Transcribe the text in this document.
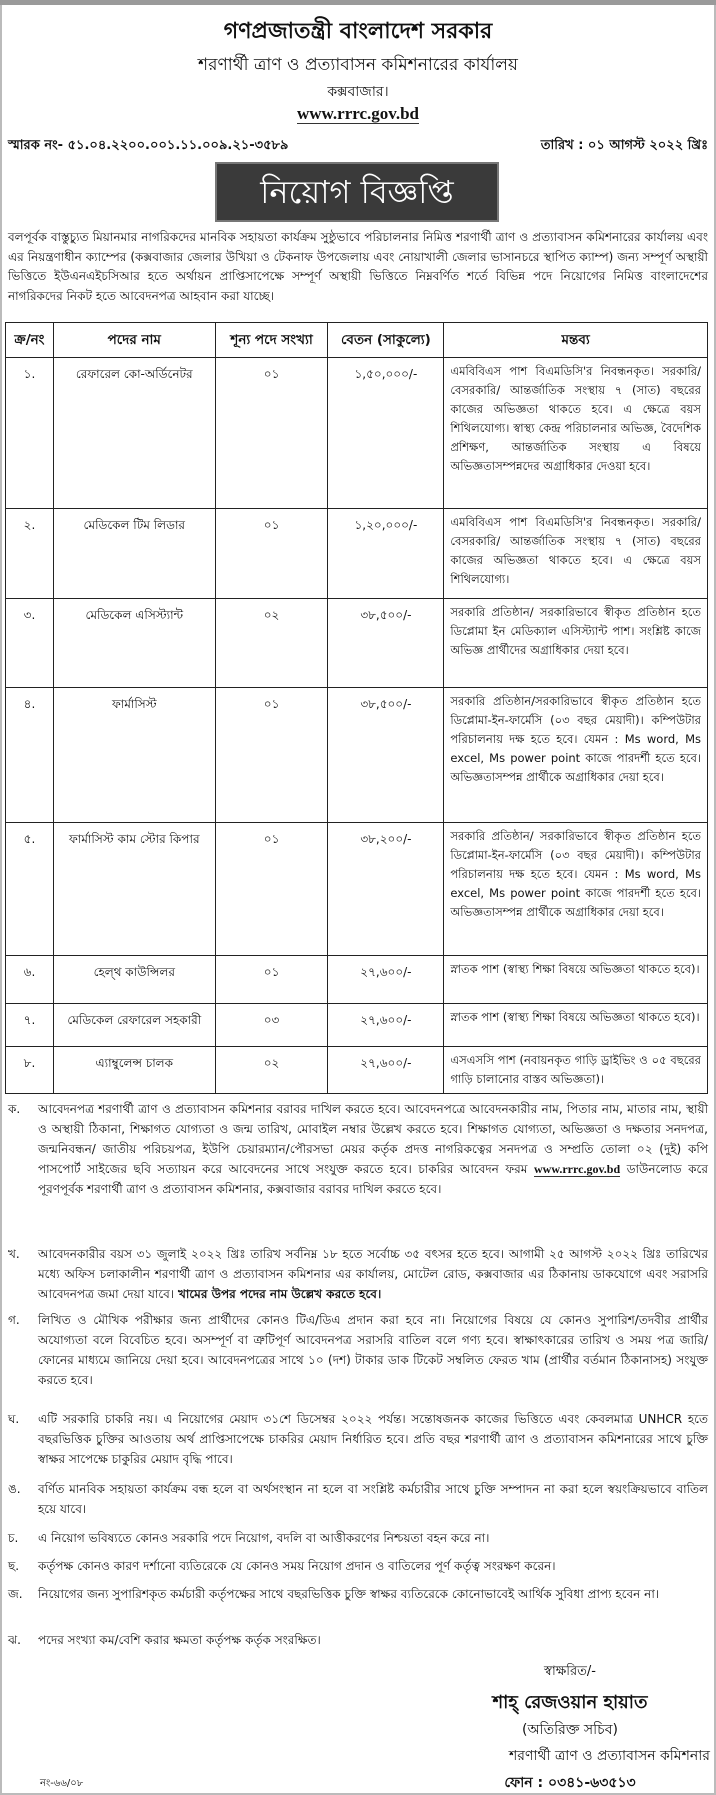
গণপ্রজাতন্ত্রী বাংলাদেশ সরকার
শরণার্থী ত্রাণ ও প্রত্যাবাসন কমিশনারের কার্যালয়
কক্সবাজার।
www.rrrc.gov.bd
স্মারক নং- ৫১.০৪.২২০০.০০১.১১.০০৯.২১-৩৫৮৯	তারিখ : ০১ আগস্ট ২০২২ খ্রিঃ
নিয়োগ বিজ্ঞপ্তি
বলপূর্বক বাস্তুচ্যুত মিয়ানমার নাগরিকদের মানবিক সহায়তা কার্যক্রম সুষ্ঠুভাবে পরিচালনার নিমিত্ত শরণার্থী ত্রাণ ও প্রত্যাবাসন কমিশনারের কার্যালয় এবং এর নিয়ন্ত্রণাধীন ক্যাম্পের (কক্সবাজার জেলার উখিয়া ও টেকনাফ উপজেলায় এবং নোয়াখালী জেলার ভাসানচরে স্থাপিত ক্যাম্প) জন্য সম্পূর্ণ অস্থায়ী ভিত্তিতে ইউএনএইচসিআর হতে অর্থায়ন প্রাপ্তিসাপেক্ষে সম্পূর্ণ অস্থায়ী ভিত্তিতে নিম্নবর্ণিত শর্তে বিভিন্ন পদে নিয়োগের নিমিত্ত বাংলাদেশের নাগরিকদের নিকট হতে আবেদনপত্র আহবান করা যাচ্ছে।
ক্র/নং	পদের নাম	শূন্য পদে সংখ্যা	বেতন (সাকুল্যে)	মন্তব্য

১.	রেফারেল কো-অর্ডিনেটর	০১	১,৫০,০০০/-	এমবিবিএস পাশ বিএমডিসি'র নিবন্ধনকৃত। সরকারি/ বেসরকারি/ আন্তর্জাতিক সংস্থায় ৭ (সাত) বছরের কাজের অভিজ্ঞতা থাকতে হবে। এ ক্ষেত্রে বয়স শিথিলযোগ্য। স্বাস্থ্য কেন্দ্র পরিচালনার অভিজ্ঞ, বৈদেশিক প্রশিক্ষণ, আন্তর্জাতিক সংস্থায় এ বিষয়ে অভিজ্ঞতাসম্পন্নদের অগ্রাধিকার দেওয়া হবে।

২.	মেডিকেল টিম লিডার	০১	১,২০,০০০/-	এমবিবিএস পাশ বিএমডিসি'র নিবন্ধনকৃত। সরকারি/ বেসরকারি/ আন্তর্জাতিক সংস্থায় ৭ (সাত) বছরের কাজের অভিজ্ঞতা থাকতে হবে। এ ক্ষেত্রে বয়স শিথিলযোগ্য।

৩.	মেডিকেল এসিস্ট্যান্ট	০২	৩৮,৫০০/-	সরকারি প্রতিষ্ঠান/ সরকারিভাবে স্বীকৃত প্রতিষ্ঠান হতে ডিপ্লোমা ইন মেডিক্যাল এসিস্ট্যান্ট পাশ। সংশ্লিষ্ট কাজে অভিজ্ঞ প্রার্থীদের অগ্রাধিকার দেয়া হবে।

৪.	ফার্মাসিস্ট	০১	৩৮,৫০০/-	সরকারি প্রতিষ্ঠান/সরকারিভাবে স্বীকৃত প্রতিষ্ঠান হতে ডিপ্লোমা-ইন-ফার্মেসি (০৩ বছর মেয়াদী)। কম্পিউটার পরিচালনায় দক্ষ হতে হবে। যেমন : Ms word, Ms excel, Ms power point কাজে পারদর্শী হতে হবে। অভিজ্ঞতাসম্পন্ন প্রার্থীকে অগ্রাধিকার দেয়া হবে।

৫.	ফার্মাসিস্ট কাম স্টোর কিপার	০১	৩৮,২০০/-	সরকারি প্রতিষ্ঠান/ সরকারিভাবে স্বীকৃত প্রতিষ্ঠান হতে ডিপ্লোমা-ইন-ফার্মেসি (০৩ বছর মেয়াদী)। কম্পিউটার পরিচালনায় দক্ষ হতে হবে। যেমন : Ms word, Ms excel, Ms power point কাজে পারদর্শী হতে হবে। অভিজ্ঞতাসম্পন্ন প্রার্থীকে অগ্রাধিকার দেয়া হবে।

৬.	হেল্থ কাউন্সিলর	০১	২৭,৬০০/-	স্নাতক পাশ (স্বাস্থ্য শিক্ষা বিষয়ে অভিজ্ঞতা থাকতে হবে)।

৭.	মেডিকেল রেফারেল সহকারী	০৩	২৭,৬০০/-	স্নাতক পাশ (স্বাস্থ্য শিক্ষা বিষয়ে অভিজ্ঞতা থাকতে হবে)।

৮.	এ্যাম্বুলেন্স চালক	০২	২৭,৬০০/-	এসএসসি পাশ (নবায়নকৃত গাড়ি ড্রাইভিং ও ০৫ বছরের গাড়ি চালানোর বাস্তব অভিজ্ঞতা)।
ক.	আবেদনপত্র শরণার্থী ত্রাণ ও প্রত্যাবাসন কমিশনার বরাবর দাখিল করতে হবে। আবেদনপত্রে আবেদনকারীর নাম, পিতার নাম, মাতার নাম, স্থায়ী ও অস্থায়ী ঠিকানা, শিক্ষাগত যোগ্যতা ও জন্ম তারিখ, মোবাইল নম্বার উল্লেখ করতে হবে। শিক্ষাগত যোগ্যতা, অভিজ্ঞতা ও দক্ষতার সনদপত্র, জন্মনিবন্ধন/ জাতীয় পরিচয়পত্র, ইউপি চেয়ারম্যান/পৌরসভা মেয়র কর্তৃক প্রদত্ত নাগরিকত্বের সনদপত্র ও সম্প্রতি তোলা ০২ (দুই) কপি পাসপোর্ট সাইজের ছবি সত্যায়ন করে আবেদনের সাথে সংযুক্ত করতে হবে। চাকরির আবেদন ফরম www.rrrc.gov.bd ডাউনলোড করে পূরণপূর্বক শরণার্থী ত্রাণ ও প্রত্যাবাসন কমিশনার, কক্সবাজার বরাবর দাখিল করতে হবে।
খ.	আবেদনকারীর বয়স ৩১ জুলাই ২০২২ খ্রিঃ তারিখ সর্বনিম্ন ১৮ হতে সর্বোচ্চ ৩৫ বৎসর হতে হবে। আগামী ২৫ আগস্ট ২০২২ খ্রিঃ তারিখের মধ্যে অফিস চলাকালীন শরণার্থী ত্রাণ ও প্রত্যাবাসন কমিশনার এর কার্যালয়, মোটেল রোড, কক্সবাজার এর ঠিকানায় ডাকযোগে এবং সরাসরি আবেদনপত্র জমা দেয়া যাবে। খামের উপর পদের নাম উল্লেখ করতে হবে।
গ.	লিখিত ও মৌখিক পরীক্ষার জন্য প্রার্থীদের কোনও টিএ/ডিএ প্রদান করা হবে না। নিয়োগের বিষয়ে যে কোনও সুপারিশ/তদবীর প্রার্থীর অযোগ্যতা বলে বিবেচিত হবে। অসম্পূর্ণ বা ত্রুটিপূর্ণ আবেদনপত্র সরাসরি বাতিল বলে গণ্য হবে। স্বাক্ষাৎকারের তারিখ ও সময় পত্র জারি/ফোনের মাধ্যমে জানিয়ে দেয়া হবে। আবেদনপত্রের সাথে ১০ (দশ) টাকার ডাক টিকেট সম্বলিত ফেরত খাম (প্রার্থীর বর্তমান ঠিকানাসহ) সংযুক্ত করতে হবে।
ঘ.	এটি সরকারি চাকরি নয়। এ নিয়োগের মেয়াদ ৩১শে ডিসেম্বর ২০২২ পর্যন্ত। সন্তোষজনক কাজের ভিত্তিতে এবং কেবলমাত্র UNHCR হতে বছরভিত্তিক চুক্তির আওতায় অর্থ প্রাপ্তিসাপেক্ষে চাকরির মেয়াদ নির্ধারিত হবে। প্রতি বছর শরণার্থী ত্রাণ ও প্রত্যাবাসন কমিশনারের সাথে চুক্তি স্বাক্ষর সাপেক্ষে চাকুরির মেয়াদ বৃদ্ধি পাবে।
ঙ.	বর্ণিত মানবিক সহায়তা কার্যক্রম বন্ধ হলে বা অর্থসংস্থান না হলে বা সংশ্লিষ্ট কর্মচারীর সাথে চুক্তি সম্পাদন না করা হলে স্বয়ংক্রিয়ভাবে বাতিল হয়ে যাবে।
চ.	এ নিয়োগ ভবিষ্যতে কোনও সরকারি পদে নিয়োগ, বদলি বা আত্তীকরণের নিশ্চয়তা বহন করে না।
ছ.	কর্তৃপক্ষ কোনও কারণ দর্শানো ব্যতিরেকে যে কোনও সময় নিয়োগ প্রদান ও বাতিলের পূর্ণ কর্তৃত্ব সংরক্ষণ করেন।
জ.	নিয়োগের জন্য সুপারিশকৃত কর্মচারী কর্তৃপক্ষের সাথে বছরভিত্তিক চুক্তি স্বাক্ষর ব্যতিরেকে কোনোভাবেই আর্থিক সুবিধা প্রাপ্য হবেন না।
ঝ.	পদের সংখ্যা কম/বেশি করার ক্ষমতা কর্তৃপক্ষ কর্তৃক সংরক্ষিত।
স্বাক্ষরিত/-
শাহ্ রেজওয়ান হায়াত
(অতিরিক্ত সচিব)
শরণার্থী ত্রাণ ও প্রত্যাবাসন কমিশনার
ফোন : ০৩৪১-৬৩৫১৩
নং-৬৬/০৮
